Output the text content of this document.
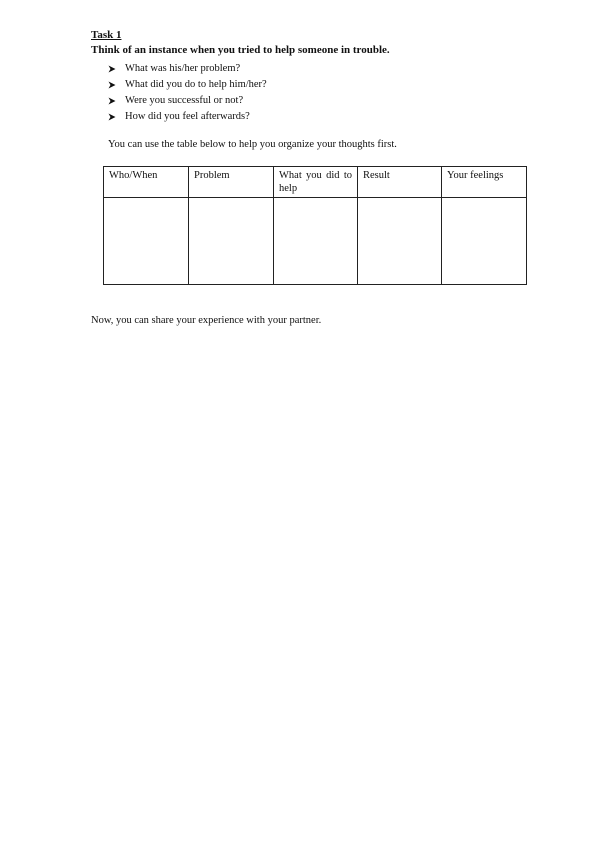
Task 1
Think of an instance when you tried to help someone in trouble.
What was his/her problem?
What did you do to help him/her?
Were you successful or not?
How did you feel afterwards?
You can use the table below to help you organize your thoughts first.
Who/When	Problem	What you did to help	Result	Your feelings

Now, you can share your experience with your partner.
